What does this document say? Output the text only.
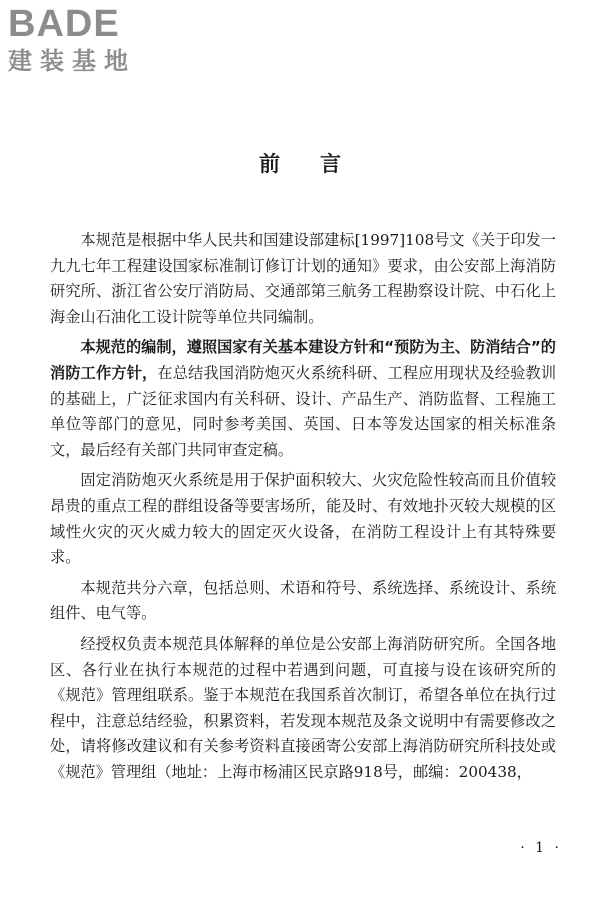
BADE
建装基地
前言

本规范是根据中华人民共和国建设部建标[1997]108号文《关于印发一九九七年工程建设国家标准制订修订计划的通知》要求，由公安部上海消防研究所、浙江省公安厅消防局、交通部第三航务工程勘察设计院、中石化上海金山石油化工设计院等单位共同编制。

本规范的编制，遵照国家有关基本建设方针和“预防为主、防消结合”的消防工作方针，在总结我国消防炮灭火系统科研、工程应用现状及经验教训的基础上，广泛征求国内有关科研、设计、产品生产、消防监督、工程施工单位等部门的意见，同时参考美国、英国、日本等发达国家的相关标准条文，最后经有关部门共同审查定稿。

固定消防炮灭火系统是用于保护面积较大、火灾危险性较高而且价值较昂贵的重点工程的群组设备等要害场所，能及时、有效地扑灭较大规模的区域性火灾的灭火威力较大的固定灭火设备，在消防工程设计上有其特殊要求。

本规范共分六章，包括总则、术语和符号、系统选择、系统设计、系统组件、电气等。

经授权负责本规范具体解释的单位是公安部上海消防研究所。全国各地区、各行业在执行本规范的过程中若遇到问题，可直接与设在该研究所的《规范》管理组联系。鉴于本规范在我国系首次制订，希望各单位在执行过程中，注意总结经验，积累资料，若发现本规范及条文说明中有需要修改之处，请将修改建议和有关参考资料直接函寄公安部上海消防研究所科技处或《规范》管理组（地址：上海市杨浦区民京路918号，邮编：200438，

· 1 ·
